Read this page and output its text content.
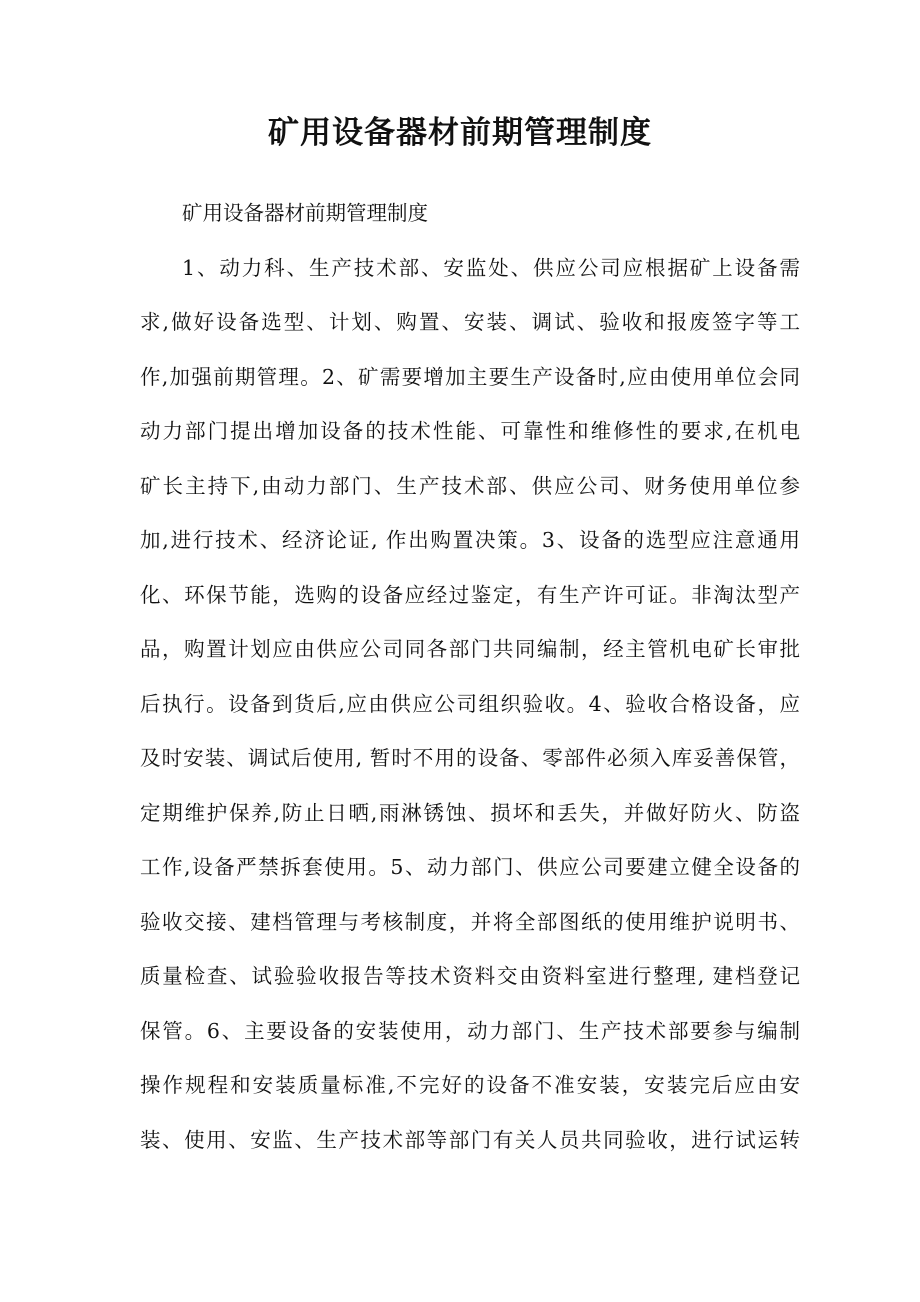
矿用设备器材前期管理制度
矿用设备器材前期管理制度
1、动力科、生产技术部、安监处、供应公司应根据矿上设备需
求,做好设备选型、计划、购置、安装、调试、验收和报废签字等工
作,加强前期管理。2、矿需要增加主要生产设备时,应由使用单位会同
动力部门提出增加设备的技术性能、可靠性和维修性的要求,在机电
矿长主持下,由动力部门、生产技术部、供应公司、财务使用单位参
加,进行技术、经济论证, 作出购置决策。3、设备的选型应注意通用
化、环保节能，选购的设备应经过鉴定，有生产许可证。非淘汰型产
品，购置计划应由供应公司同各部门共同编制，经主管机电矿长审批
后执行。设备到货后,应由供应公司组织验收。4、验收合格设备，应
及时安装、调试后使用, 暂时不用的设备、零部件必须入库妥善保管，
定期维护保养,防止日晒,雨淋锈蚀、损坏和丢失，并做好防火、防盗
工作,设备严禁拆套使用。5、动力部门、供应公司要建立健全设备的
验收交接、建档管理与考核制度，并将全部图纸的使用维护说明书、
质量检查、试验验收报告等技术资料交由资料室进行整理, 建档登记
保管。6、主要设备的安装使用，动力部门、生产技术部要参与编制
操作规程和安装质量标准,不完好的设备不准安装，安装完后应由安
装、使用、安监、生产技术部等部门有关人员共同验收，进行试运转
